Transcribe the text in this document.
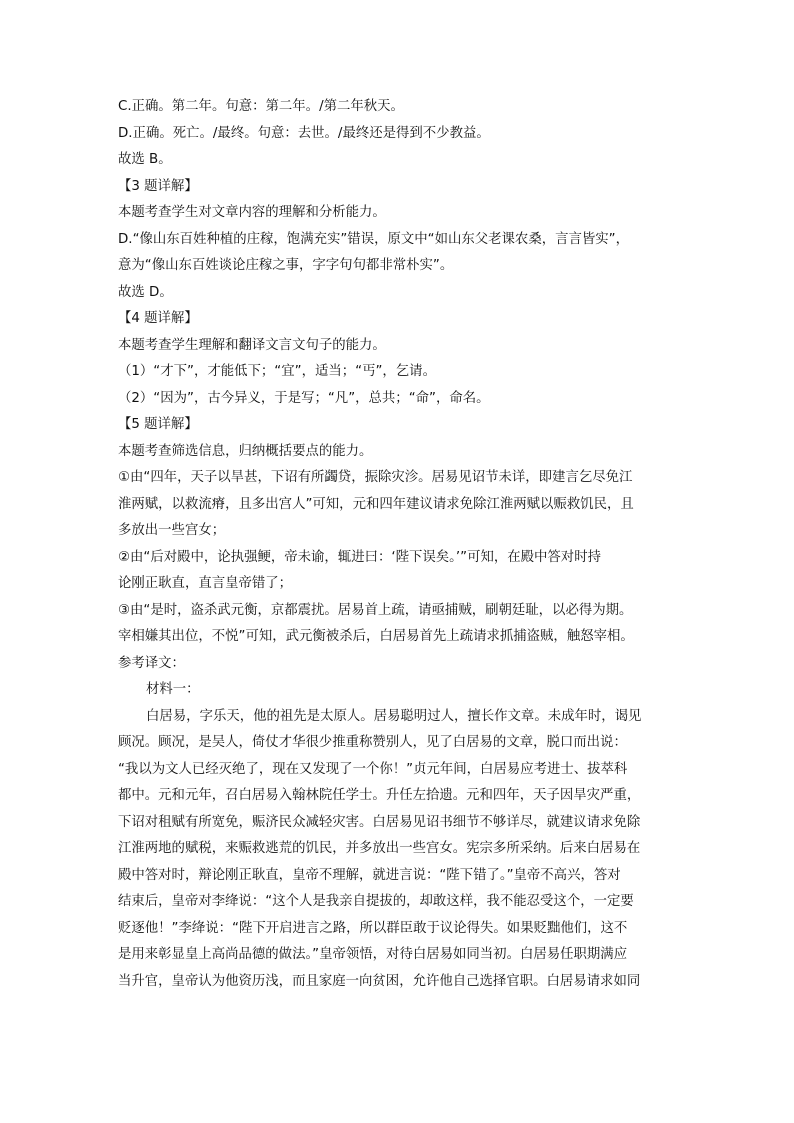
C.正确。第二年。句意：第二年。/第二年秋天。
D.正确。死亡。/最终。句意：去世。/最终还是得到不少教益。
故选 B。
【3 题详解】
本题考查学生对文章内容的理解和分析能力。
D.“像山东百姓种植的庄稼，饱满充实”错误，原文中“如山东父老课农桑，言言皆实”，
意为“像山东百姓谈论庄稼之事，字字句句都非常朴实”。
故选 D。
【4 题详解】
本题考查学生理解和翻译文言文句子的能力。
（1）“才下”，才能低下；“宜”，适当；“丐”，乞请。
（2）“因为”，古今异义，于是写；“凡”，总共；“命”，命名。
【5 题详解】
本题考查筛选信息，归纳概括要点的能力。
①由“四年，天子以旱甚，下诏有所蠲贷，振除灾沴。居易见诏节未详，即建言乞尽免江
淮两赋，以救流瘠，且多出宫人”可知，元和四年建议请求免除江淮两赋以赈救饥民，且
多放出一些宫女；
②由“后对殿中，论执强鲠，帝未谕，辄进曰：‘陛下误矣。’”可知，在殿中答对时持
论刚正耿直，直言皇帝错了；
③由“是时，盗杀武元衡，京都震扰。居易首上疏，请亟捕贼，刷朝廷耻，以必得为期。
宰相嫌其出位，不悦”可知，武元衡被杀后，白居易首先上疏请求抓捕盗贼，触怒宰相。
参考译文：
材料一：
白居易，字乐天，他的祖先是太原人。居易聪明过人，擅长作文章。未成年时，谒见
顾况。顾况，是吴人，倚仗才华很少推重称赞别人，见了白居易的文章，脱口而出说：
“我以为文人已经灭绝了，现在又发现了一个你！”贞元年间，白居易应考进士、拔萃科
都中。元和元年，召白居易入翰林院任学士。升任左拾遗。元和四年，天子因旱灾严重，
下诏对租赋有所宽免，赈济民众减轻灾害。白居易见诏书细节不够详尽，就建议请求免除
江淮两地的赋税，来赈救逃荒的饥民，并多放出一些宫女。宪宗多所采纳。后来白居易在
殿中答对时，辩论刚正耿直，皇帝不理解，就进言说：“陛下错了。”皇帝不高兴，答对
结束后，皇帝对李绛说：“这个人是我亲自提拔的，却敢这样，我不能忍受这个，一定要
贬逐他！”李绛说：“陛下开启进言之路，所以群臣敢于议论得失。如果贬黜他们，这不
是用来彰显皇上高尚品德的做法。”皇帝领悟，对待白居易如同当初。白居易任职期满应
当升官，皇帝认为他资历浅，而且家庭一向贫困，允许他自己选择官职。白居易请求如同
